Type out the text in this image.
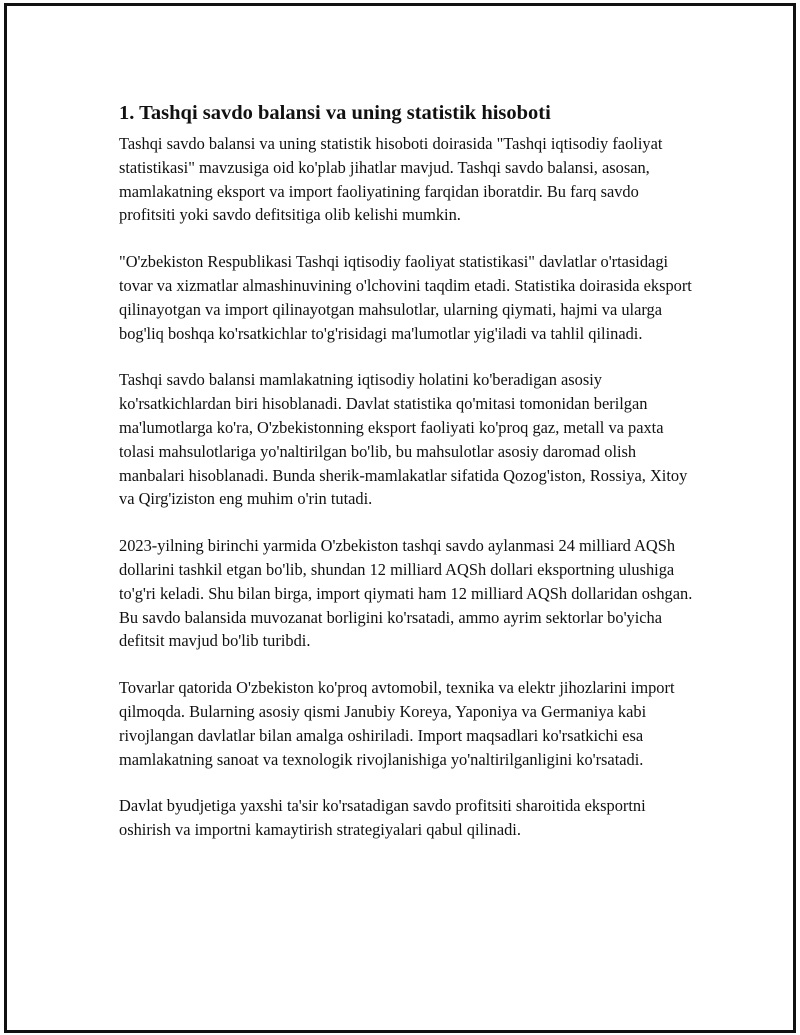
1. Tashqi savdo balansi va uning statistik hisoboti

Tashqi savdo balansi va uning statistik hisoboti doirasida "Tashqi iqtisodiy faoliyat statistikasi" mavzusiga oid ko'plab jihatlar mavjud. Tashqi savdo balansi, asosan, mamlakatning eksport va import faoliyatining farqidan iboratdir. Bu farq savdo profitsiti yoki savdo defitsitiga olib kelishi mumkin.

"O'zbekiston Respublikasi Tashqi iqtisodiy faoliyat statistikasi" davlatlar o'rtasidagi tovar va xizmatlar almashinuvining o'lchovini taqdim etadi. Statistika doirasida eksport qilinayotgan va import qilinayotgan mahsulotlar, ularning qiymati, hajmi va ularga bog'liq boshqa ko'rsatkichlar to'g'risidagi ma'lumotlar yig'iladi va tahlil qilinadi.

Tashqi savdo balansi mamlakatning iqtisodiy holatini ko'beradigan asosiy ko'rsatkichlardan biri hisoblanadi. Davlat statistika qo'mitasi tomonidan berilgan ma'lumotlarga ko'ra, O'zbekistonning eksport faoliyati ko'proq gaz, metall va paxta tolasi mahsulotlariga yo'naltirilgan bo'lib, bu mahsulotlar asosiy daromad olish manbalari hisoblanadi. Bunda sherik-mamlakatlar sifatida Qozog'iston, Rossiya, Xitoy va Qirg'iziston eng muhim o'rin tutadi.

2023-yilning birinchi yarmida O'zbekiston tashqi savdo aylanmasi 24 milliard AQSh dollarini tashkil etgan bo'lib, shundan 12 milliard AQSh dollari eksportning ulushiga to'g'ri keladi. Shu bilan birga, import qiymati ham 12 milliard AQSh dollaridan oshgan. Bu savdo balansida muvozanat borligini ko'rsatadi, ammo ayrim sektorlar bo'yicha defitsit mavjud bo'lib turibdi.

Tovarlar qatorida O'zbekiston ko'proq avtomobil, texnika va elektr jihozlarini import qilmoqda. Bularning asosiy qismi Janubiy Koreya, Yaponiya va Germaniya kabi rivojlangan davlatlar bilan amalga oshiriladi. Import maqsadlari ko'rsatkichi esa mamlakatning sanoat va texnologik rivojlanishiga yo'naltirilganligini ko'rsatadi.

Davlat byudjetiga yaxshi ta'sir ko'rsatadigan savdo profitsiti sharoitida eksportni oshirish va importni kamaytirish strategiyalari qabul qilinadi.
